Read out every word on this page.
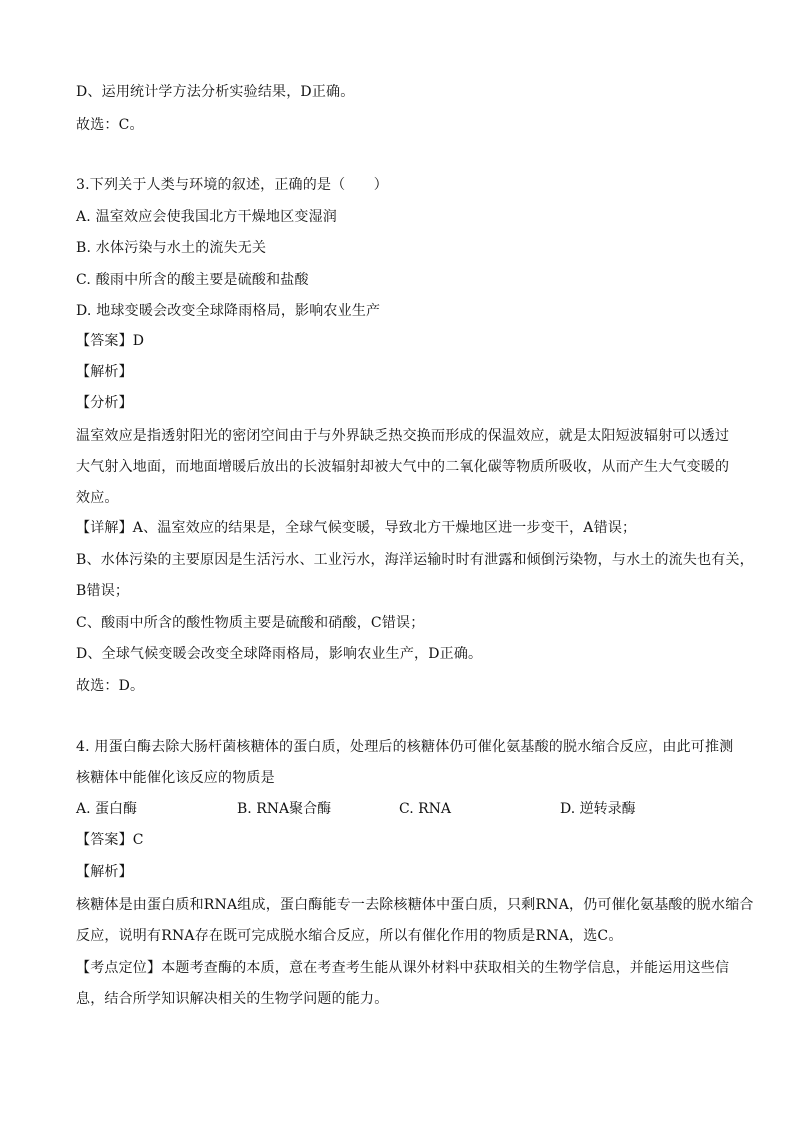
D、运用统计学方法分析实验结果，D正确。
故选：C。
3.下列关于人类与环境的叙述，正确的是（　　）
A. 温室效应会使我国北方干燥地区变湿润
B. 水体污染与水土的流失无关
C. 酸雨中所含的酸主要是硫酸和盐酸
D. 地球变暖会改变全球降雨格局，影响农业生产
【答案】D
【解析】
【分析】
温室效应是指透射阳光的密闭空间由于与外界缺乏热交换而形成的保温效应，就是太阳短波辐射可以透过
大气射入地面，而地面增暖后放出的长波辐射却被大气中的二氧化碳等物质所吸收，从而产生大气变暖的
效应。
【详解】A、温室效应的结果是，全球气候变暖，导致北方干燥地区进一步变干，A错误；
B、水体污染的主要原因是生活污水、工业污水，海洋运输时时有泄露和倾倒污染物，与水土的流失也有关，
B错误；
C、酸雨中所含的酸性物质主要是硫酸和硝酸，C错误；
D、全球气候变暖会改变全球降雨格局，影响农业生产，D正确。
故选：D。
4. 用蛋白酶去除大肠杆菌核糖体的蛋白质，处理后的核糖体仍可催化氨基酸的脱水缩合反应，由此可推测
核糖体中能催化该反应的物质是
A. 蛋白酶	B. RNA聚合酶	C. RNA	D. 逆转录酶
【答案】C
【解析】
核糖体是由蛋白质和RNA组成，蛋白酶能专一去除核糖体中蛋白质，只剩RNA，仍可催化氨基酸的脱水缩合
反应，说明有RNA存在既可完成脱水缩合反应，所以有催化作用的物质是RNA，选C。
【考点定位】本题考查酶的本质，意在考查考生能从课外材料中获取相关的生物学信息，并能运用这些信
息，结合所学知识解决相关的生物学问题的能力。
